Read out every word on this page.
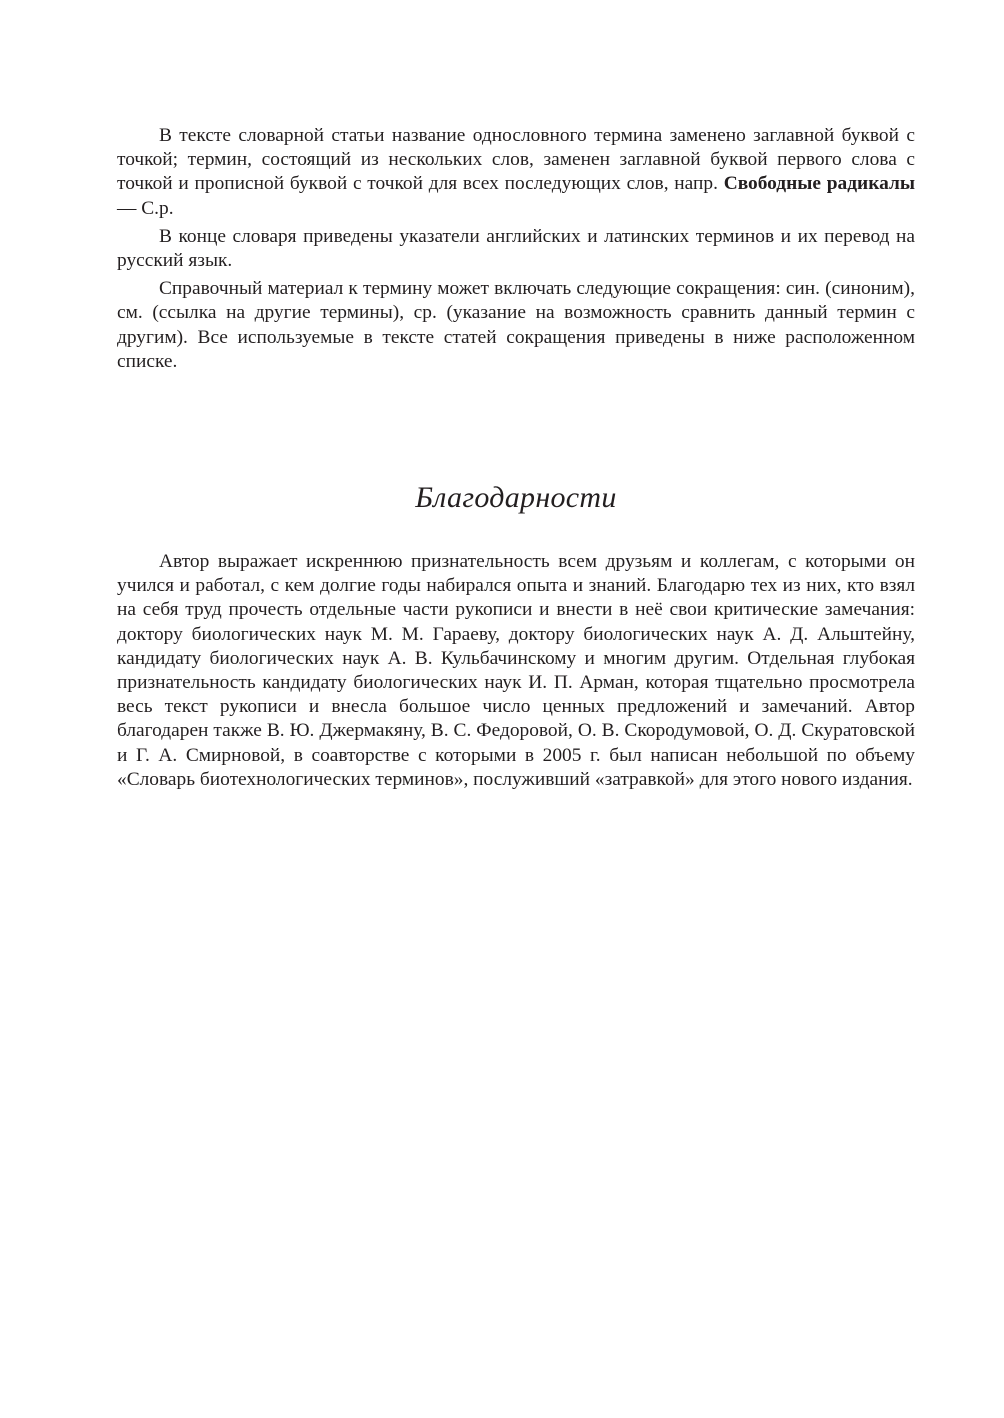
В тексте словарной статьи название однословного термина заменено заглавной буквой с точкой; термин, состоящий из нескольких слов, заменен заглавной буквой первого слова с точкой и прописной буквой с точкой для всех последующих слов, напр. Свободные радикалы — С.р.

В конце словаря приведены указатели английских и латинских терминов и их перевод на русский язык.

Справочный материал к термину может включать следующие сокращения: син. (синоним), см. (ссылка на другие термины), ср. (указание на возможность сравнить данный термин с другим). Все используемые в тексте статей сокращения приведены в ниже расположенном списке.

Благодарности

Автор выражает искреннюю признательность всем друзьям и коллегам, с которыми он учился и работал, с кем долгие годы набирался опыта и знаний. Благодарю тех из них, кто взял на себя труд прочесть отдельные части рукописи и внести в неё свои критические замечания: доктору биологических наук М. М. Гараеву, доктору биологических наук А. Д. Альштейну, кандидату биологических наук А. В. Кульбачинскому и многим другим. Отдельная глубокая признательность кандидату биологических наук И. П. Арман, которая тщательно просмотрела весь текст рукописи и внесла большое число ценных предложений и замечаний. Автор благодарен также В. Ю. Джермакяну, В. С. Федоровой, О. В. Скородумовой, О. Д. Скуратовской и Г. А. Смирновой, в соавторстве с которыми в 2005 г. был написан небольшой по объему «Словарь биотехнологических терминов», послуживший «затравкой» для этого нового издания.
